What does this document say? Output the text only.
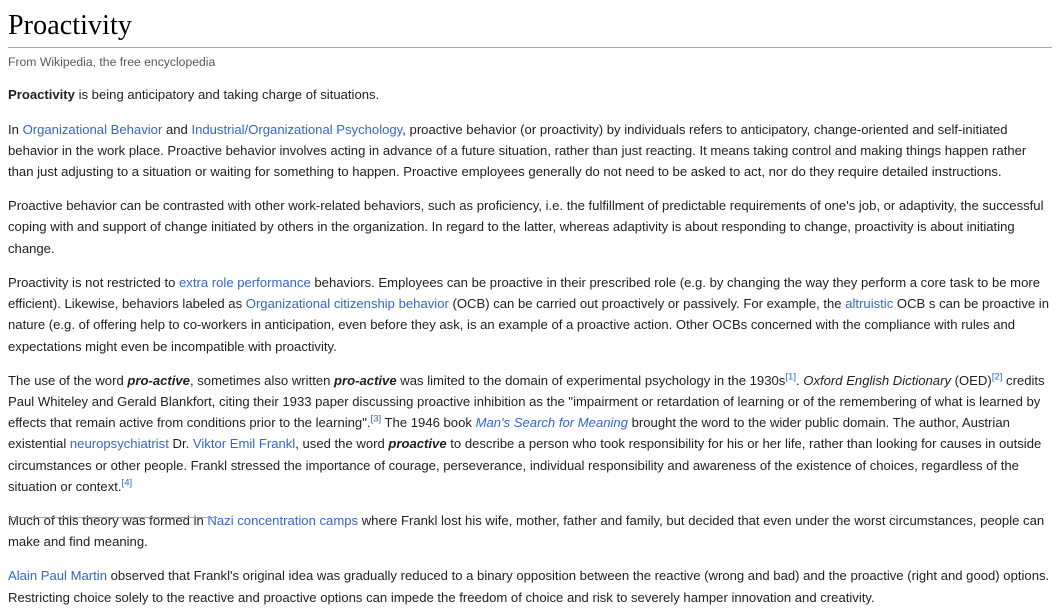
Proactivity
From Wikipedia, the free encyclopedia

Proactivity is being anticipatory and taking charge of situations.

In Organizational Behavior and Industrial/Organizational Psychology, proactive behavior (or proactivity) by individuals refers to anticipatory, change-oriented and self-initiated behavior in the work place. Proactive behavior involves acting in advance of a future situation, rather than just reacting. It means taking control and making things happen rather than just adjusting to a situation or waiting for something to happen. Proactive employees generally do not need to be asked to act, nor do they require detailed instructions.

Proactive behavior can be contrasted with other work-related behaviors, such as proficiency, i.e. the fulfillment of predictable requirements of one's job, or adaptivity, the successful coping with and support of change initiated by others in the organization. In regard to the latter, whereas adaptivity is about responding to change, proactivity is about initiating change.

Proactivity is not restricted to extra role performance behaviors. Employees can be proactive in their prescribed role (e.g. by changing the way they perform a core task to be more efficient). Likewise, behaviors labeled as Organizational citizenship behavior (OCB) can be carried out proactively or passively. For example, the altruistic OCB s can be proactive in nature (e.g. of offering help to co-workers in anticipation, even before they ask, is an example of a proactive action. Other OCBs concerned with the compliance with rules and expectations might even be incompatible with proactivity.

The use of the word pro-active, sometimes also written pro-active was limited to the domain of experimental psychology in the 1930s[1]. Oxford English Dictionary (OED)[2] credits Paul Whiteley and Gerald Blankfort, citing their 1933 paper discussing proactive inhibition as the "impairment or retardation of learning or of the remembering of what is learned by effects that remain active from conditions prior to the learning".[3] The 1946 book Man's Search for Meaning brought the word to the wider public domain. The author, Austrian existential neuropsychiatrist Dr. Viktor Emil Frankl, used the word proactive to describe a person who took responsibility for his or her life, rather than looking for causes in outside circumstances or other people. Frankl stressed the importance of courage, perseverance, individual responsibility and awareness of the existence of choices, regardless of the situation or context.[4]

Much of this theory was formed in Nazi concentration camps where Frankl lost his wife, mother, father and family, but decided that even under the worst circumstances, people can make and find meaning.

Alain Paul Martin observed that Frankl's original idea was gradually reduced to a binary opposition between the reactive (wrong and bad) and the proactive (right and good) options. Restricting choice solely to the reactive and proactive options can impede the freedom of choice and risk to severely hamper innovation and creativity.
